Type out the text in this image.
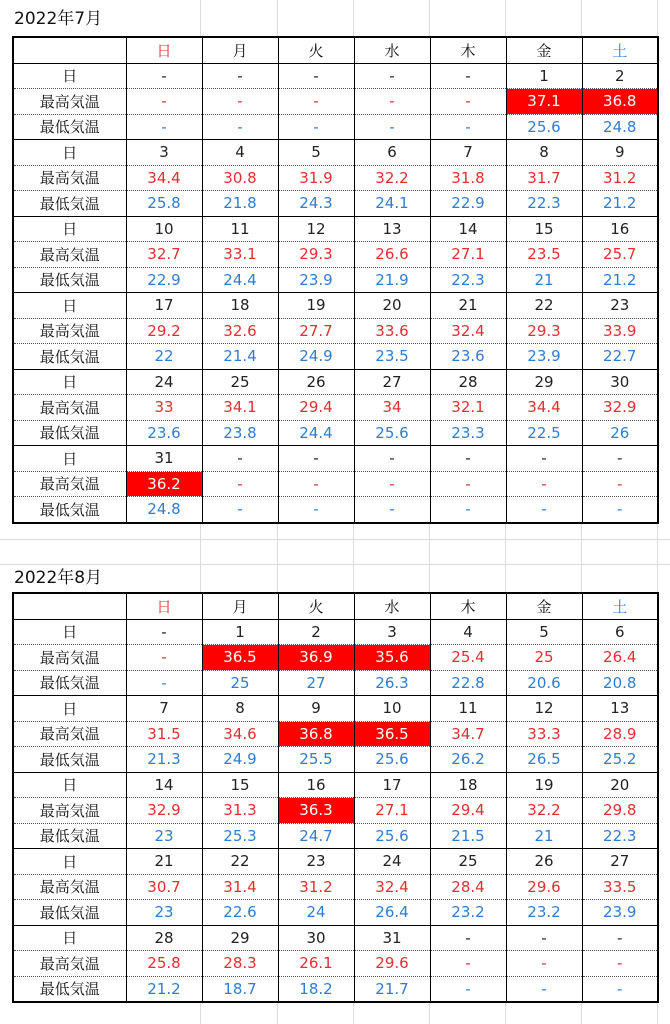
2022年7月
	日	月	火	水	木	金	土
日	-	-	-	-	-	1	2
最高気温	-	-	-	-	-	37.1	36.8
最低気温	-	-	-	-	-	25.6	24.8
日	3	4	5	6	7	8	9
最高気温	34.4	30.8	31.9	32.2	31.8	31.7	31.2
最低気温	25.8	21.8	24.3	24.1	22.9	22.3	21.2
日	10	11	12	13	14	15	16
最高気温	32.7	33.1	29.3	26.6	27.1	23.5	25.7
最低気温	22.9	24.4	23.9	21.9	22.3	21	21.2
日	17	18	19	20	21	22	23
最高気温	29.2	32.6	27.7	33.6	32.4	29.3	33.9
最低気温	22	21.4	24.9	23.5	23.6	23.9	22.7
日	24	25	26	27	28	29	30
最高気温	33	34.1	29.4	34	32.1	34.4	32.9
最低気温	23.6	23.8	24.4	25.6	23.3	22.5	26
日	31	-	-	-	-	-	-
最高気温	36.2	-	-	-	-	-	-
最低気温	24.8	-	-	-	-	-	-
2022年8月
	日	月	火	水	木	金	土
日	-	1	2	3	4	5	6
最高気温	-	36.5	36.9	35.6	25.4	25	26.4
最低気温	-	25	27	26.3	22.8	20.6	20.8
日	7	8	9	10	11	12	13
最高気温	31.5	34.6	36.8	36.5	34.7	33.3	28.9
最低気温	21.3	24.9	25.5	25.6	26.2	26.5	25.2
日	14	15	16	17	18	19	20
最高気温	32.9	31.3	36.3	27.1	29.4	32.2	29.8
最低気温	23	25.3	24.7	25.6	21.5	21	22.3
日	21	22	23	24	25	26	27
最高気温	30.7	31.4	31.2	32.4	28.4	29.6	33.5
最低気温	23	22.6	24	26.4	23.2	23.2	23.9
日	28	29	30	31	-	-	-
最高気温	25.8	28.3	26.1	29.6	-	-	-
最低気温	21.2	18.7	18.2	21.7	-	-	-
